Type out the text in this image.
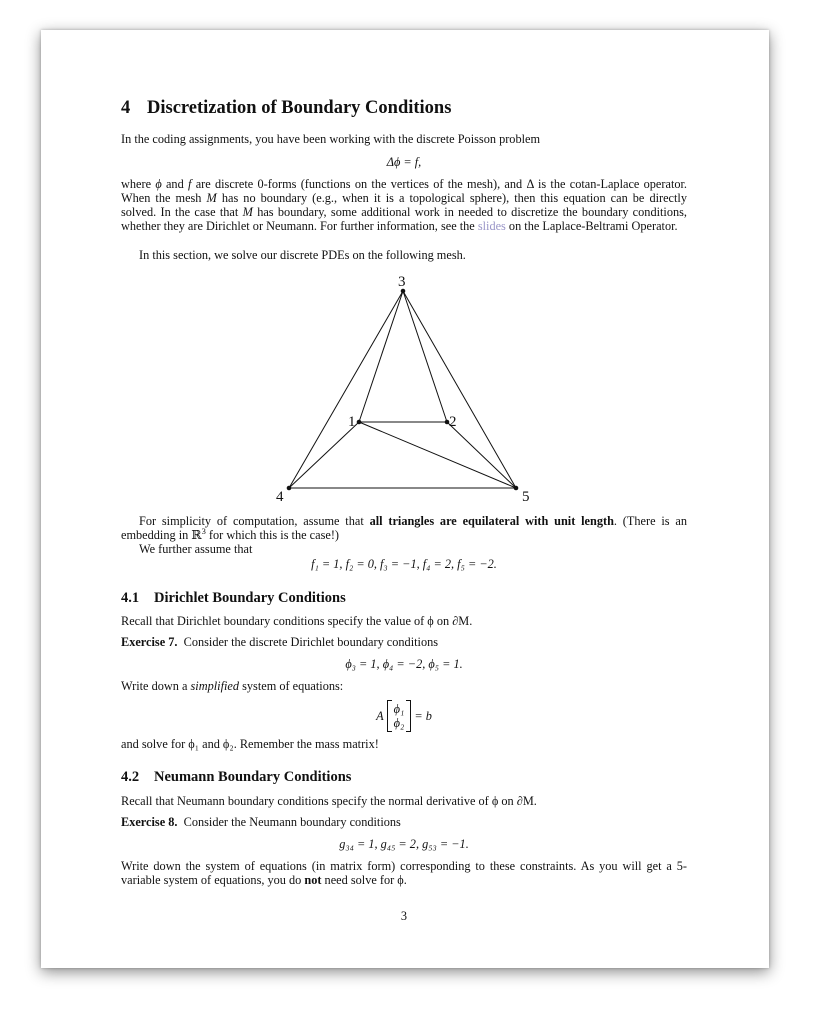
4 Discretization of Boundary Conditions

In the coding assignments, you have been working with the discrete Poisson problem

Δϕ = f,

where ϕ and f are discrete 0-forms (functions on the vertices of the mesh), and Δ is the cotan-Laplace operator. When the mesh M has no boundary (e.g., when it is a topological sphere), then this equation can be directly solved. In the case that M has boundary, some additional work in needed to discretize the boundary conditions, whether they are Dirichlet or Neumann. For further information, see the slides on the Laplace-Beltrami Operator.

In this section, we solve our discrete PDEs on the following mesh.

1	2
3
4	5

For simplicity of computation, assume that all triangles are equilateral with unit length. (There is an embedding in ℝ$^3$ for which this is the case!)

We further assume that

f₁ = 1, f₂ = 0, f₃ = −1, f₄ = 2, f₅ = −2.
4.1 Dirichlet Boundary Conditions

Recall that Dirichlet boundary conditions specify the value of ϕ on ∂M.

Exercise 7. Consider the discrete Dirichlet boundary conditions

ϕ₃ = 1, ϕ₄ = −2, ϕ₅ = 1.

Write down a simplified system of equations:

A
ϕ₁
ϕ₂

= b

and solve for ϕ₁ and ϕ₂. Remember the mass matrix!

4.2 Neumann Boundary Conditions

Recall that Neumann boundary conditions specify the normal derivative of ϕ on ∂M.

Exercise 8. Consider the Neumann boundary conditions

g₃₄ = 1, g₄₅ = 2, g₅₃ = −1.

Write down the system of equations (in matrix form) corresponding to these constraints. As you will get a 5-variable system of equations, you do not need solve for ϕ.

3
